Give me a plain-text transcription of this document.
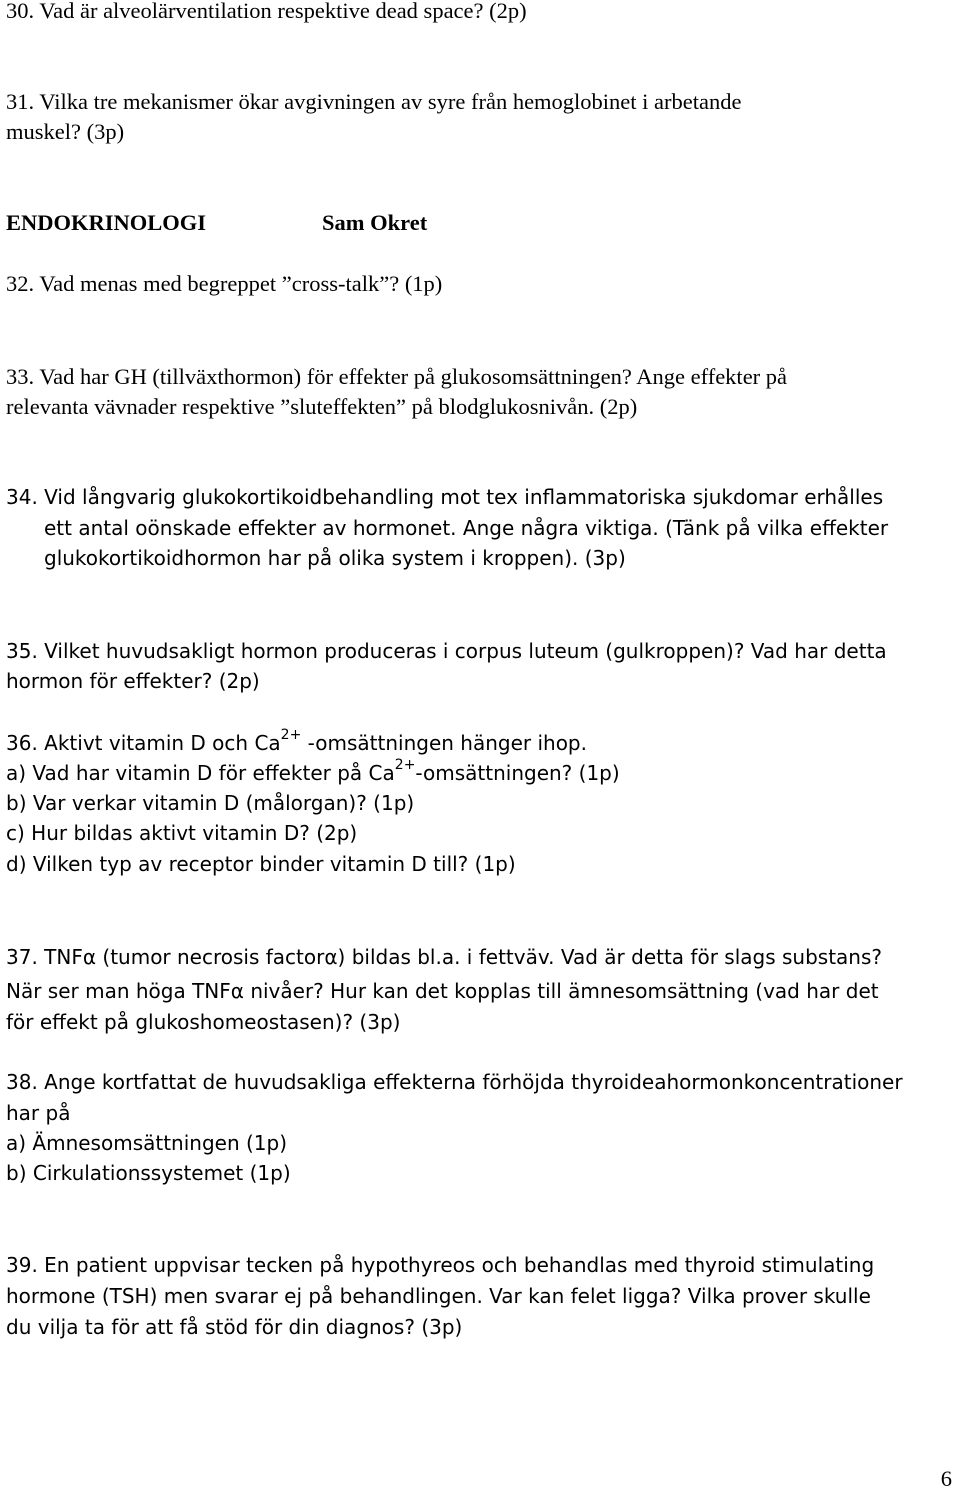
30. Vad är alveolärventilation respektive dead space? (2p)
31. Vilka tre mekanismer ökar avgivningen av syre från hemoglobinet i arbetande
muskel? (3p)
ENDOKRINOLOGI	Sam Okret
32. Vad menas med begreppet ”cross-talk”? (1p)
33. Vad har GH (tillväxthormon) för effekter på glukosomsättningen? Ange effekter på
relevanta vävnader respektive ”sluteffekten” på blodglukosnivån. (2p)
34. Vid långvarig glukokortikoidbehandling mot tex inflammatoriska sjukdomar erhålles
ett antal oönskade effekter av hormonet. Ange några viktiga. (Tänk på vilka effekter
glukokortikoidhormon har på olika system i kroppen). (3p)
35. Vilket huvudsakligt hormon produceras i corpus luteum (gulkroppen)? Vad har detta
hormon för effekter? (2p)
36. Aktivt vitamin D och $Ca^{2+}$ -omsättningen hänger ihop.
a) Vad har vitamin D för effekter på $Ca^{2+}$-omsättningen? (1p)
b) Var verkar vitamin D (målorgan)? (1p)
c) Hur bildas aktivt vitamin D? (2p)
d) Vilken typ av receptor binder vitamin D till? (1p)
37. TNFα (tumor necrosis factorα) bildas bl.a. i fettväv. Vad är detta för slags substans?
När ser man höga TNFα nivåer? Hur kan det kopplas till ämnesomsättning (vad har det
för effekt på glukoshomeostasen)? (3p)
38. Ange kortfattat de huvudsakliga effekterna förhöjda thyroideahormonkoncentrationer
har på
a) Ämnesomsättningen (1p)
b) Cirkulationssystemet (1p)
39. En patient uppvisar tecken på hypothyreos och behandlas med thyroid stimulating
hormone (TSH) men svarar ej på behandlingen. Var kan felet ligga? Vilka prover skulle
du vilja ta för att få stöd för din diagnos? (3p)
6
